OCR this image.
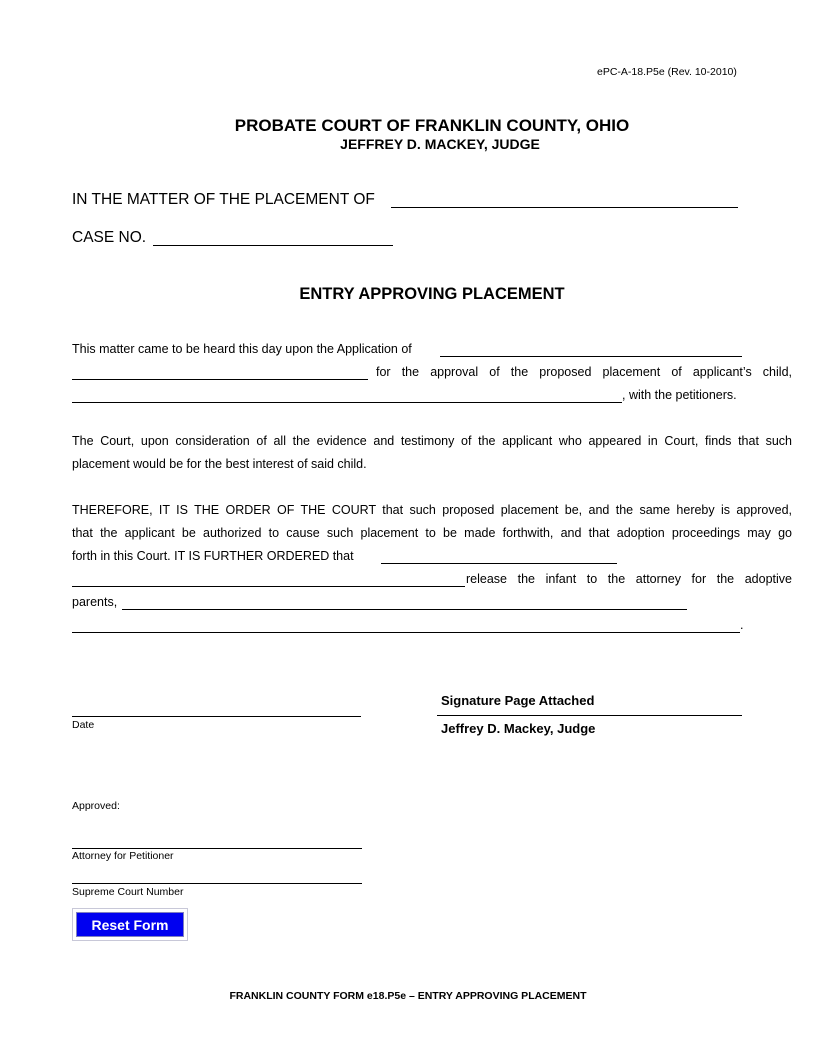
ePC-A-18.P5e (Rev. 10-2010)
PROBATE COURT OF FRANKLIN COUNTY, OHIO
JEFFREY D. MACKEY, JUDGE
IN THE MATTER OF THE PLACEMENT OF
CASE NO.
ENTRY APPROVING PLACEMENT
This matter came to be heard this day upon the Application of
for the approval of the proposed placement of applicant’s child,
, with the petitioners.
The Court, upon consideration of all the evidence and testimony of the applicant who appeared in Court, finds that such
placement would be for the best interest of said child.
THEREFORE, IT IS THE ORDER OF THE COURT that such proposed placement be, and the same hereby is approved,
that the applicant be authorized to cause such placement to be made forthwith, and that adoption proceedings may go
forth in this Court. IT IS FURTHER ORDERED that
release the infant to the attorney for the adoptive
parents,
.
Date
Signature Page Attached
Jeffrey D. Mackey, Judge
Approved:
Attorney for Petitioner
Supreme Court Number
Reset Form
FRANKLIN COUNTY FORM e18.P5e – ENTRY APPROVING PLACEMENT
